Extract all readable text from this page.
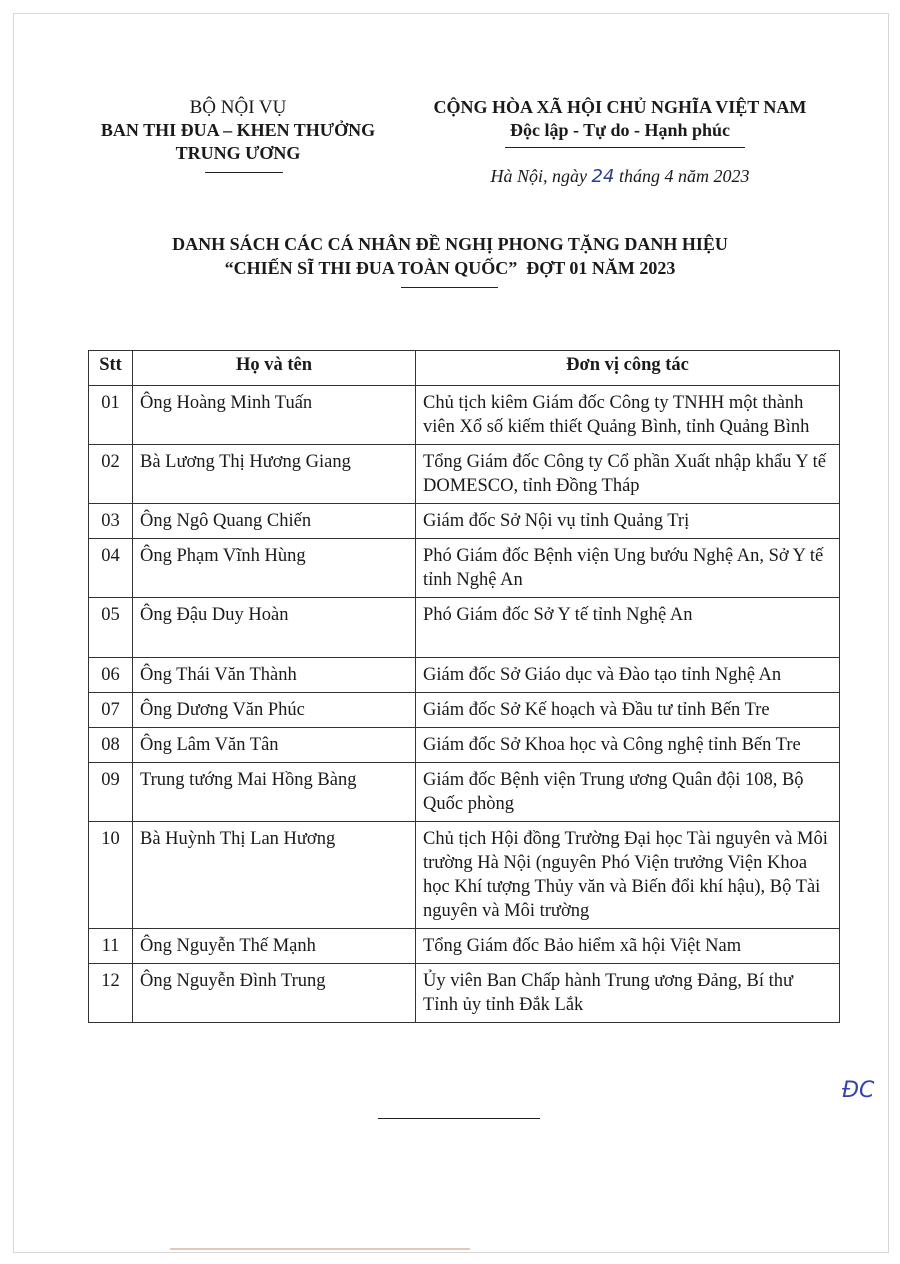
BỘ NỘI VỤ
BAN THI ĐUA – KHEN THƯỞNG
TRUNG ƯƠNG
CỘNG HÒA XÃ HỘI CHỦ NGHĨA VIỆT NAM
Độc lập - Tự do - Hạnh phúc
Hà Nội, ngày 24 tháng 4 năm 2023
DANH SÁCH CÁC CÁ NHÂN ĐỀ NGHỊ PHONG TẶNG DANH HIỆU
“CHIẾN SĨ THI ĐUA TOÀN QUỐC”  ĐỢT 01 NĂM 2023
Stt	Họ và tên	Đơn vị công tác
01	Ông Hoàng Minh Tuấn	Chủ tịch kiêm Giám đốc Công ty TNHH một thành viên Xổ số kiếm thiết Quảng Bình, tỉnh Quảng Bình
02	Bà Lương Thị Hương Giang	Tổng Giám đốc Công ty Cổ phần Xuất nhập khẩu Y tế DOMESCO, tỉnh Đồng Tháp
03	Ông Ngô Quang Chiến	Giám đốc Sở Nội vụ tỉnh Quảng Trị
04	Ông Phạm Vĩnh Hùng	Phó Giám đốc Bệnh viện Ung bướu Nghệ An, Sở Y tế tỉnh Nghệ An
05	Ông Đậu Duy Hoàn	Phó Giám đốc Sở Y tế tỉnh Nghệ An
06	Ông Thái Văn Thành	Giám đốc Sở Giáo dục và Đào tạo tỉnh Nghệ An
07	Ông Dương Văn Phúc	Giám đốc Sở Kế hoạch và Đầu tư tỉnh Bến Tre
08	Ông Lâm Văn Tân	Giám đốc Sở Khoa học và Công nghệ tỉnh Bến Tre
09	Trung tướng Mai Hồng Bàng	Giám đốc Bệnh viện Trung ương Quân đội 108, Bộ Quốc phòng
10	Bà Huỳnh Thị Lan Hương	Chủ tịch Hội đồng Trường Đại học Tài nguyên và Môi trường Hà Nội (nguyên Phó Viện trưởng Viện Khoa học Khí tượng Thủy văn và Biến đổi khí hậu), Bộ Tài nguyên và Môi trường
11	Ông Nguyễn Thế Mạnh	Tổng Giám đốc Bảo hiểm xã hội Việt Nam
12	Ông Nguyễn Đình Trung	Ủy viên Ban Chấp hành Trung ương Đảng, Bí thư Tỉnh ủy tỉnh Đắk Lắk
ĐC
